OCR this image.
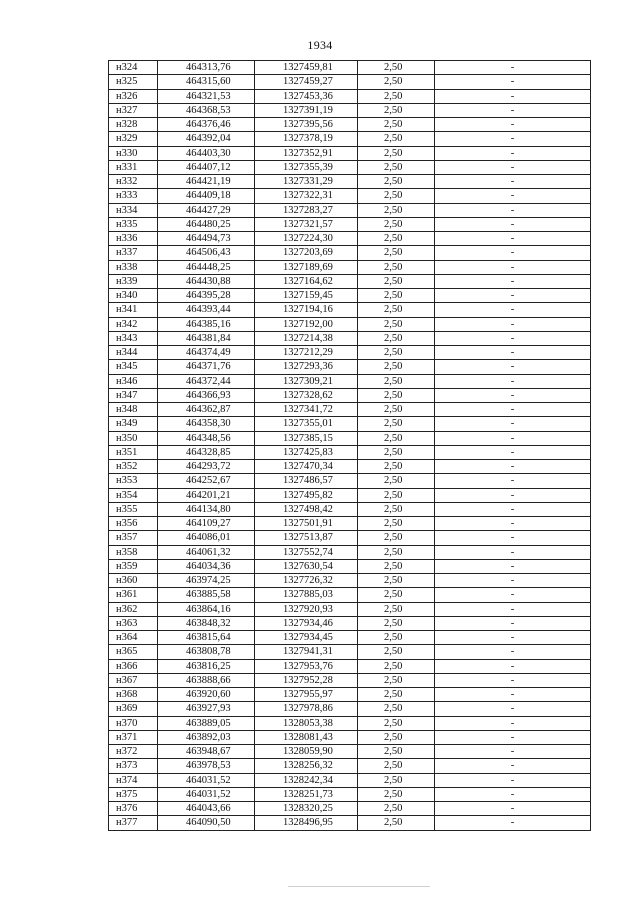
1934
н324	464313,76	1327459,81	2,50	-
н325	464315,60	1327459,27	2,50	-
н326	464321,53	1327453,36	2,50	-
н327	464368,53	1327391,19	2,50	-
н328	464376,46	1327395,56	2,50	-
н329	464392,04	1327378,19	2,50	-
н330	464403,30	1327352,91	2,50	-
н331	464407,12	1327355,39	2,50	-
н332	464421,19	1327331,29	2,50	-
н333	464409,18	1327322,31	2,50	-
н334	464427,29	1327283,27	2,50	-
н335	464480,25	1327321,57	2,50	-
н336	464494,73	1327224,30	2,50	-
н337	464506,43	1327203,69	2,50	-
н338	464448,25	1327189,69	2,50	-
н339	464430,88	1327164,62	2,50	-
н340	464395,28	1327159,45	2,50	-
н341	464393,44	1327194,16	2,50	-
н342	464385,16	1327192,00	2,50	-
н343	464381,84	1327214,38	2,50	-
н344	464374,49	1327212,29	2,50	-
н345	464371,76	1327293,36	2,50	-
н346	464372,44	1327309,21	2,50	-
н347	464366,93	1327328,62	2,50	-
н348	464362,87	1327341,72	2,50	-
н349	464358,30	1327355,01	2,50	-
н350	464348,56	1327385,15	2,50	-
н351	464328,85	1327425,83	2,50	-
н352	464293,72	1327470,34	2,50	-
н353	464252,67	1327486,57	2,50	-
н354	464201,21	1327495,82	2,50	-
н355	464134,80	1327498,42	2,50	-
н356	464109,27	1327501,91	2,50	-
н357	464086,01	1327513,87	2,50	-
н358	464061,32	1327552,74	2,50	-
н359	464034,36	1327630,54	2,50	-
н360	463974,25	1327726,32	2,50	-
н361	463885,58	1327885,03	2,50	-
н362	463864,16	1327920,93	2,50	-
н363	463848,32	1327934,46	2,50	-
н364	463815,64	1327934,45	2,50	-
н365	463808,78	1327941,31	2,50	-
н366	463816,25	1327953,76	2,50	-
н367	463888,66	1327952,28	2,50	-
н368	463920,60	1327955,97	2,50	-
н369	463927,93	1327978,86	2,50	-
н370	463889,05	1328053,38	2,50	-
н371	463892,03	1328081,43	2,50	-
н372	463948,67	1328059,90	2,50	-
н373	463978,53	1328256,32	2,50	-
н374	464031,52	1328242,34	2,50	-
н375	464031,52	1328251,73	2,50	-
н376	464043,66	1328320,25	2,50	-
н377	464090,50	1328496,95	2,50	-
